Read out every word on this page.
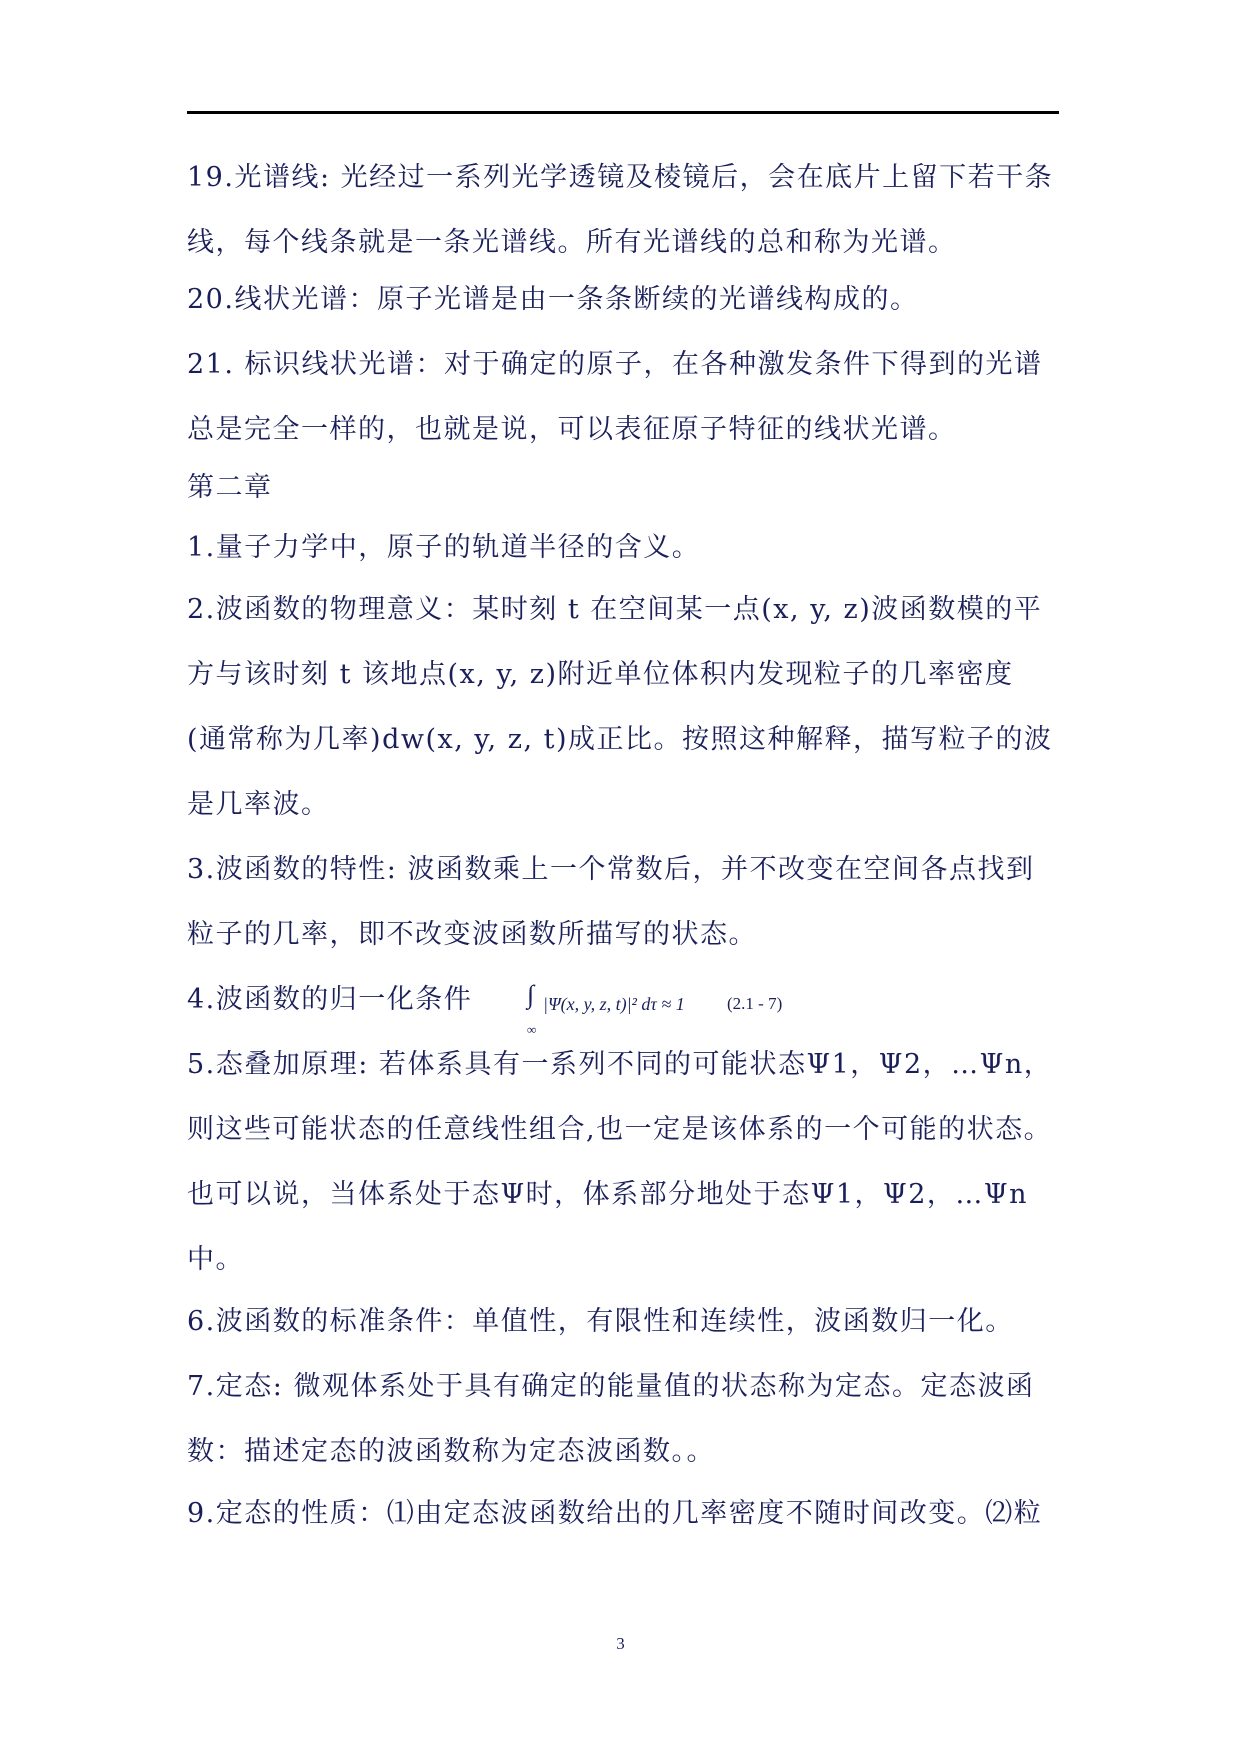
19.光谱线: 光经过一系列光学透镜及棱镜后，会在底片上留下若干条
线，每个线条就是一条光谱线。所有光谱线的总和称为光谱。
20.线状光谱：原子光谱是由一条条断续的光谱线构成的。
21. 标识线状光谱：对于确定的原子，在各种激发条件下得到的光谱
总是完全一样的，也就是说，可以表征原子特征的线状光谱。
第二章
1.量子力学中，原子的轨道半径的含义。
2.波函数的物理意义：某时刻 t 在空间某一点(x, y, z)波函数模的平
方与该时刻 t 该地点(x, y, z)附近单位体积内发现粒子的几率密度
(通常称为几率)dw(x, y, z, t)成正比。按照这种解释，描写粒子的波
是几率波。
3.波函数的特性: 波函数乘上一个常数后，并不改变在空间各点找到
粒子的几率，即不改变波函数所描写的状态。
4.波函数的归一化条件 ∫
∞
|Ψ(x, y, z, t)|² dτ ≈ 1 (2.1 - 7)
5.态叠加原理: 若体系具有一系列不同的可能状态Ψ1，Ψ2，…Ψn，
则这些可能状态的任意线性组合,也一定是该体系的一个可能的状态。
也可以说，当体系处于态Ψ时，体系部分地处于态Ψ1，Ψ2，…Ψn
中。
6.波函数的标准条件：单值性，有限性和连续性，波函数归一化。
7.定态: 微观体系处于具有确定的能量值的状态称为定态。定态波函
数：描述定态的波函数称为定态波函数。。
9.定态的性质：⑴由定态波函数给出的几率密度不随时间改变。⑵粒
3
